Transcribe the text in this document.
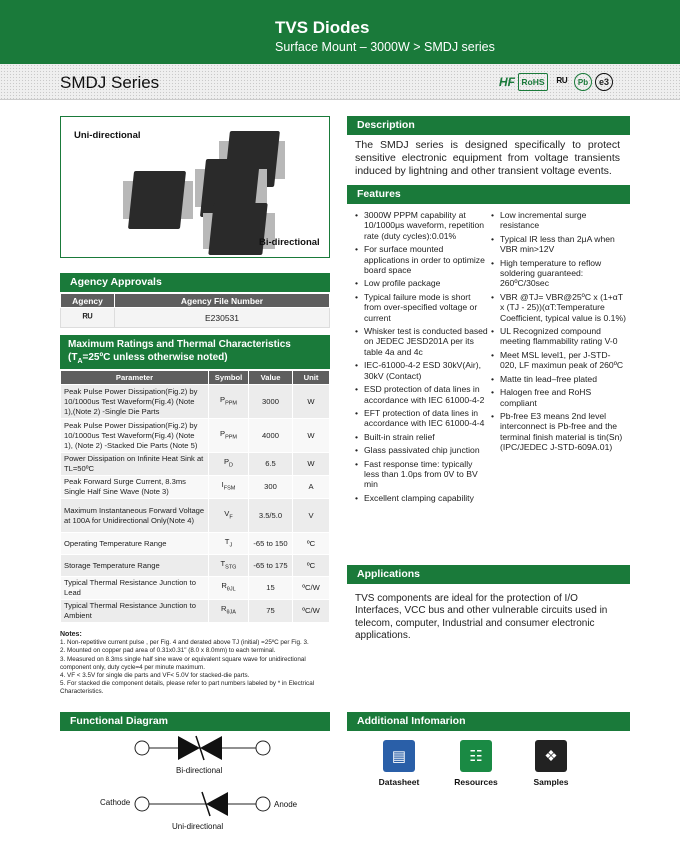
TVS Diodes
Surface Mount – 3000W > SMDJ series
SMDJ Series	HF RoHS	ᴿᵁ	Pb	e3
Uni-directional
Bi-directional
Agency Approvals
Agency	Agency File Number
ᴿᵁ	E230531
Maximum Ratings and Thermal Characteristics
($T_A=25ºC$ unless otherwise noted)
Parameter	Symbol	Value	Unit
Peak Pulse Power Dissipation(Fig.2) by 10/1000us Test Waveform(Fig.4) (Note 1),(Note 2) -Single Die Parts	$P_{PPM}$	3000	W
Peak Pulse Power Dissipation(Fig.2) by 10/1000us Test Waveform(Fig.4) (Note 1), (Note 2) -Stacked Die Parts (Note 5)	$P_{PPM}$	4000	W
Power Dissipation on Infinite Heat Sink at TL=50ºC	$P_D$	6.5	W
Peak Forward Surge Current, 8.3ms Single Half Sine Wave (Note 3)	$I_{FSM}$	300	A
Maximum Instantaneous Forward Voltage at 100A for Unidirectional Only(Note 4)	$V_F$	3.5/5.0	V
Operating Temperature Range	$T_J$	-65 to 150	ºC
Storage Temperature Range	$T_{STG}$	-65 to 175	ºC
Typical Thermal Resistance Junction to Lead	$R_{\theta JL}$	15	ºC/W
Typical Thermal Resistance Junction to Ambient	$R_{\theta JA}$	75	ºC/W
Notes:
1. Non-repetitive current pulse , per Fig. 4 and derated above TJ (initial) =25ºC per Fig. 3.
2. Mounted on copper pad area of 0.31x0.31" (8.0 x 8.0mm) to each terminal.
3. Measured on 8.3ms single half sine wave or equivalent square wave for unidirectional component only, duty cycle=4 per minute maximum.
4. VF < 3.5V for single die parts and VF< 5.0V for stacked-die parts.
5. For stacked die component details, please refer to part numbers labeled by * in Electrical Characteristics.
Description
The SMDJ series is designed specifically to protect sensitive electronic equipment from voltage transients induced by lightning and other transient voltage events.
Features
• 3000W PPPM capability at 10/1000μs waveform, repetition rate (duty cycles):0.01%
• For surface mounted applications in order to optimize board space
• Low profile package
• Typical failure mode is short from over-specified voltage or current
• Whisker test is conducted based on JEDEC JESD201A per its table 4a and 4c
• IEC-61000-4-2 ESD 30kV(Air), 30kV (Contact)
• ESD protection of data lines in accordance with IEC 61000-4-2
• EFT protection of data lines in accordance with IEC 61000-4-4
• Built-in strain relief
• Glass passivated chip junction
• Fast response time: typically less than 1.0ps from 0V to BV min
• Excellent clamping capability
• Low incremental surge resistance
• Typical IR less than 2μA when VBR min>12V
• High temperature to reflow soldering guaranteed: 260ºC/30sec
• VBR @TJ= VBR@25ºC x (1+αT x (TJ - 25))(αT:Temperature Coefficient, typical value is 0.1%)
• UL Recognized compound meeting flammability rating V-0
• Meet MSL level1, per J-STD-020, LF maximun peak of 260ºC
• Matte tin lead–free plated
• Halogen free and RoHS compliant
• Pb-free E3 means 2nd level interconnect is Pb-free and the terminal finish material is tin(Sn) (IPC/JEDEC J-STD-609A.01)
Applications
TVS components are ideal for the protection of I/O Interfaces, VCC bus and other vulnerable circuits used in telecom, computer, Industrial and consumer electronic applications.
Functional Diagram
Bi-directional
Cathode	Anode
Uni-directional
Additional Infomarion
▤
Datasheet
☷
Resources
❖
Samples
